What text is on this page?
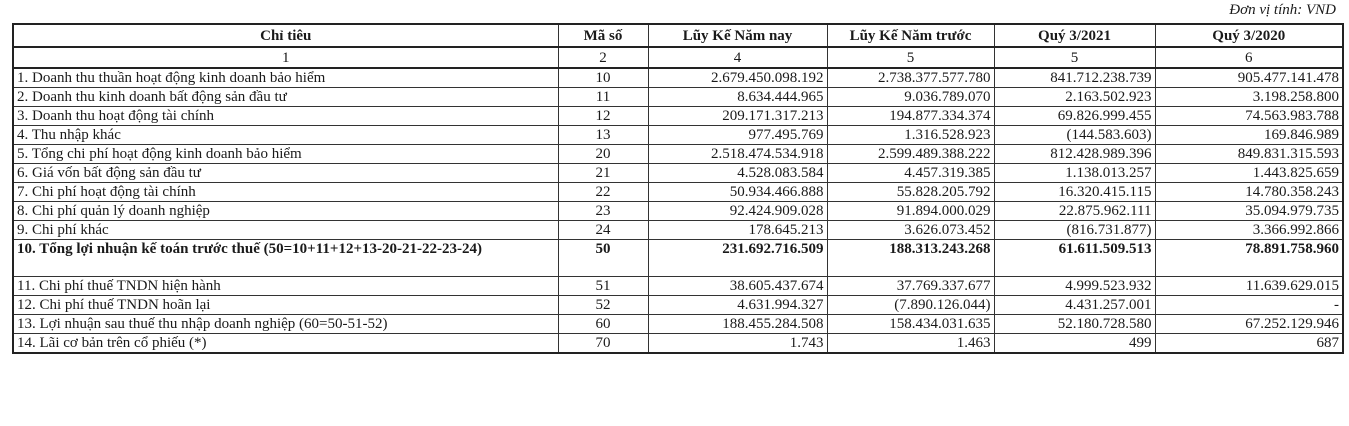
Đơn vị tính: VND
Chỉ tiêu	Mã số	Lũy Kế Năm nay	Lũy Kế Năm trước	Quý 3/2021	Quý 3/2020
1	2	4	5	5	6
1. Doanh thu thuần hoạt động kinh doanh bảo hiểm	10	2.679.450.098.192	2.738.377.577.780	841.712.238.739	905.477.141.478
2. Doanh thu kinh doanh bất động sản đầu tư	11	8.634.444.965	9.036.789.070	2.163.502.923	3.198.258.800
3. Doanh thu hoạt động tài chính	12	209.171.317.213	194.877.334.374	69.826.999.455	74.563.983.788
4. Thu nhập khác	13	977.495.769	1.316.528.923	(144.583.603)	169.846.989
5. Tổng chi phí hoạt động kinh doanh bảo hiểm	20	2.518.474.534.918	2.599.489.388.222	812.428.989.396	849.831.315.593
6. Giá vốn bất động sản đầu tư	21	4.528.083.584	4.457.319.385	1.138.013.257	1.443.825.659
7. Chi phí hoạt động tài chính	22	50.934.466.888	55.828.205.792	16.320.415.115	14.780.358.243
8. Chi phí quản lý doanh nghiệp	23	92.424.909.028	91.894.000.029	22.875.962.111	35.094.979.735
9. Chi phí khác	24	178.645.213	3.626.073.452	(816.731.877)	3.366.992.866
10. Tổng lợi nhuận kế toán trước thuế (50=10+11+12+13-20-21-22-23-24)	50	231.692.716.509	188.313.243.268	61.611.509.513	78.891.758.960
11. Chi phí thuế TNDN hiện hành	51	38.605.437.674	37.769.337.677	4.999.523.932	11.639.629.015
12. Chi phí thuế TNDN hoãn lại	52	4.631.994.327	(7.890.126.044)	4.431.257.001	-
13. Lợi nhuận sau thuế thu nhập doanh nghiệp (60=50-51-52)	60	188.455.284.508	158.434.031.635	52.180.728.580	67.252.129.946
14. Lãi cơ bản trên cổ phiếu (*)	70	1.743	1.463	499	687
